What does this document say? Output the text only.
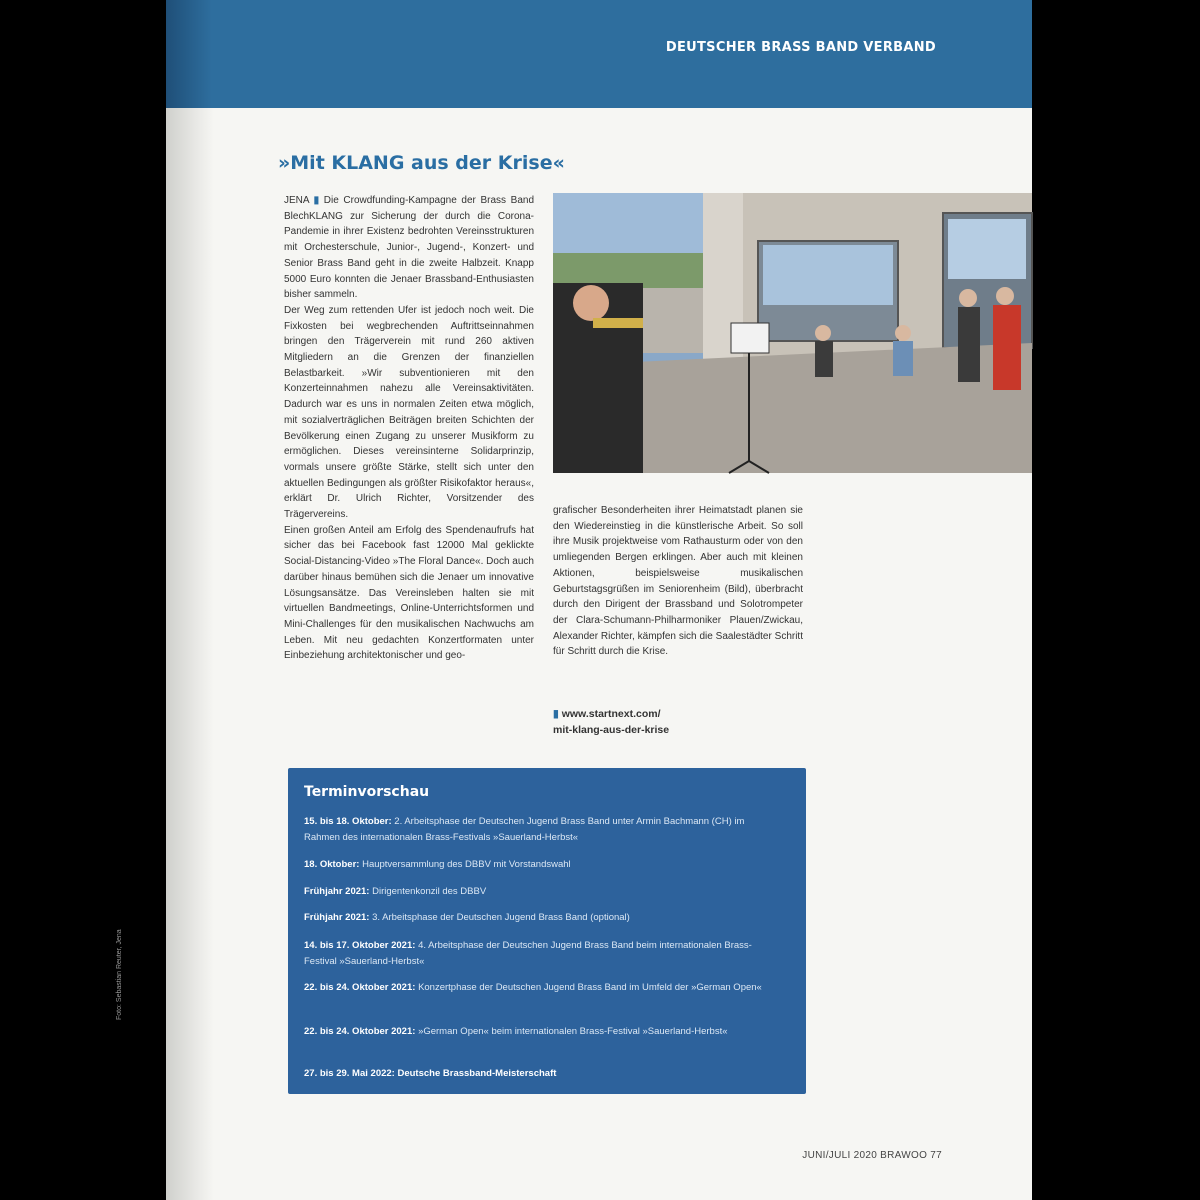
DEUTSCHER BRASS BAND VERBAND
»Mit KLANG aus der Krise«

JENA ▮ Die Crowdfunding-Kampagne der Brass Band BlechKLANG zur Sicherung der durch die Corona-Pandemie in ihrer Existenz bedrohten Vereinsstrukturen mit Orchesterschule, Junior-, Jugend-, Konzert- und Senior Brass Band geht in die zweite Halbzeit. Knapp 5000 Euro konnten die Jenaer Brassband-Enthusiasten bisher sammeln.

Der Weg zum rettenden Ufer ist jedoch noch weit. Die Fixkosten bei wegbrechenden Auftrittseinnahmen bringen den Trägerverein mit rund 260 aktiven Mitgliedern an die Grenzen der finanziellen Belastbarkeit. »Wir subventionieren mit den Konzerteinnahmen nahezu alle Vereinsaktivitäten. Dadurch war es uns in normalen Zeiten etwa möglich, mit sozialverträglichen Beiträgen breiten Schichten der Bevölkerung einen Zugang zu unserer Musikform zu ermöglichen. Dieses vereinsinterne Solidarprinzip, vormals unsere größte Stärke, stellt sich unter den aktuellen Bedingungen als größter Risikofaktor heraus«, erklärt Dr. Ulrich Richter, Vorsitzender des Trägervereins.

Einen großen Anteil am Erfolg des Spendenaufrufs hat sicher das bei Facebook fast 12000 Mal geklickte Social-Distancing-Video »The Floral Dance«. Doch auch darüber hinaus bemühen sich die Jenaer um innovative Lösungsansätze. Das Vereinsleben halten sie mit virtuellen Bandmeetings, Online-Unterrichtsformen und Mini-Challenges für den musikalischen Nachwuchs am Leben. Mit neu gedachten Konzertformaten unter Einbeziehung architektonischer und geo-

grafischer Besonderheiten ihrer Heimatstadt planen sie den Wiedereinstieg in die künstlerische Arbeit. So soll ihre Musik projektweise vom Rathausturm oder von den umliegenden Bergen erklingen. Aber auch mit kleinen Aktionen, beispielsweise musikalischen Geburtstagsgrüßen im Seniorenheim (Bild), überbracht durch den Dirigent der Brassband und Solotrompeter der Clara-Schumann-Philharmoniker Plauen/Zwickau, Alexander Richter, kämpfen sich die Saalestädter Schritt für Schritt durch die Krise.

▮ www.startnext.com/
mit-klang-aus-der-krise
Terminvorschau
15. bis 18. Oktober: 2. Arbeitsphase der Deutschen Jugend Brass Band unter Armin Bachmann (CH) im Rahmen des internationalen Brass-Festivals »Sauerland-Herbst«
18. Oktober: Hauptversammlung des DBBV mit Vorstandswahl
Frühjahr 2021: Dirigentenkonzil des DBBV
Frühjahr 2021: 3. Arbeitsphase der Deutschen Jugend Brass Band (optional)
14. bis 17. Oktober 2021: 4. Arbeitsphase der Deutschen Jugend Brass Band beim internationalen Brass-Festival »Sauerland-Herbst«
22. bis 24. Oktober 2021: Konzertphase der Deutschen Jugend Brass Band im Umfeld der »German Open«
22. bis 24. Oktober 2021: »German Open« beim internationalen Brass-Festival »Sauerland-Herbst«
27. bis 29. Mai 2022: Deutsche Brassband-Meisterschaft
Foto: Sebastian Reuter, Jena
JUNI/JULI 2020 BRAWOO 77
